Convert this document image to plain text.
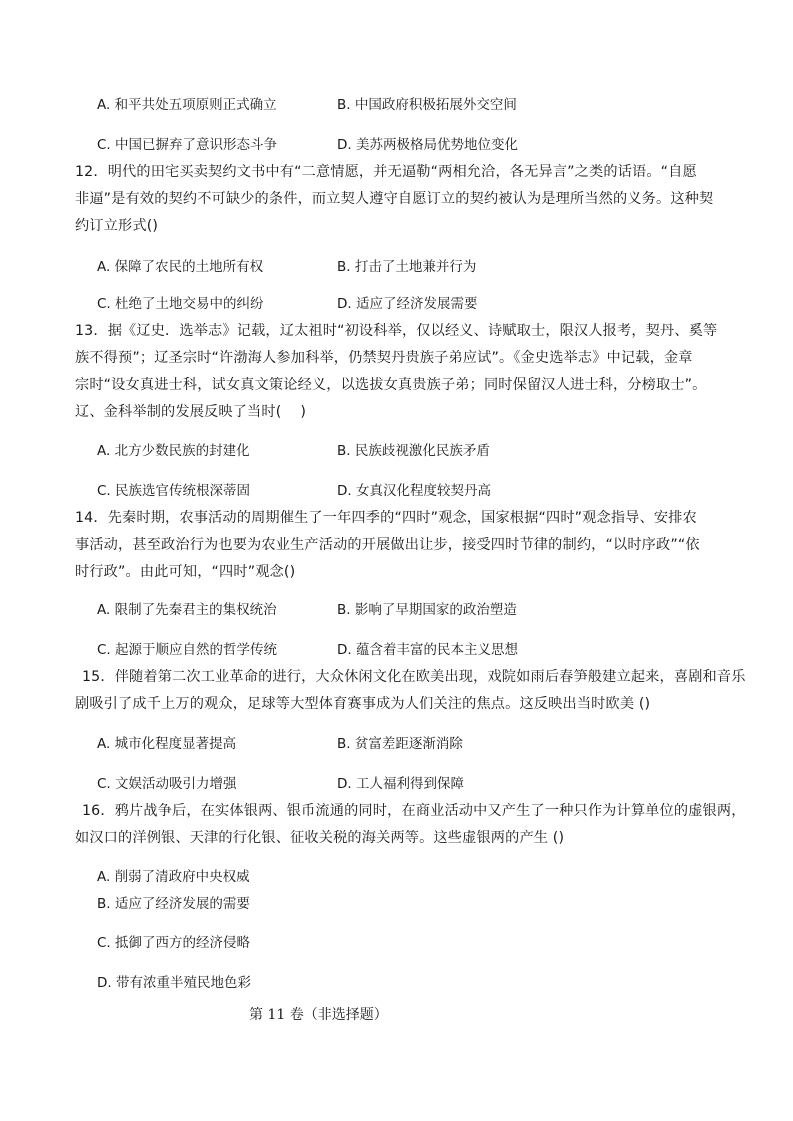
A. 和平共处五项原则正式确立	B. 中国政府积极拓展外交空间
C. 中国已摒弃了意识形态斗争	D. 美苏两极格局优势地位变化
12．明代的田宅买卖契约文书中有“二意情愿，并无逼勒“两相允洽，各无异言”之类的话语。“自愿
非逼”是有效的契约不可缺少的条件，而立契人遵守自愿订立的契约被认为是理所当然的义务。这种契
约订立形式()
A. 保障了农民的土地所有权	B. 打击了土地兼并行为
C. 杜绝了土地交易中的纠纷	D. 适应了经济发展需要
13．据《辽史．选举志》记载，辽太祖时“初设科举，仅以经义、诗赋取士，限汉人报考，契丹、奚等
族不得预”；辽圣宗时“许渤海人参加科举，仍禁契丹贵族子弟应试”。《金史选举志》中记载，金章
宗时“设女真进士科，试女真文策论经义，以选拔女真贵族子弟；同时保留汉人进士科，分榜取士”。
辽、金科举制的发展反映了当时(　 )
A. 北方少数民族的封建化	B. 民族歧视激化民族矛盾
C. 民族选官传统根深蒂固	D. 女真汉化程度较契丹高
14．先秦时期，农事活动的周期催生了一年四季的“四时”观念，国家根据“四时”观念指导、安排农
事活动，甚至政治行为也要为农业生产活动的开展做出让步，接受四时节律的制约，“以时序政”“依
时行政”。由此可知，“四时”观念()
A. 限制了先秦君主的集权统治	B. 影响了早期国家的政治塑造
C. 起源于顺应自然的哲学传统	D. 蕴含着丰富的民本主义思想
15．伴随着第二次工业革命的进行，大众休闲文化在欧美出现，戏院如雨后春笋般建立起来，喜剧和音乐
剧吸引了成千上万的观众，足球等大型体育赛事成为人们关注的焦点。这反映出当时欧美 ()
A. 城市化程度显著提高	B. 贫富差距逐渐消除
C. 文娱活动吸引力增强	D. 工人福利得到保障
16．鸦片战争后，在实体银两、银币流通的同时，在商业活动中又产生了一种只作为计算单位的虚银两，
如汉口的洋例银、天津的行化银、征收关税的海关两等。这些虚银两的产生 ()
A. 削弱了清政府中央权威
B. 适应了经济发展的需要
C. 抵御了西方的经济侵略
D. 带有浓重半殖民地色彩
第 11 卷（非选择题）
